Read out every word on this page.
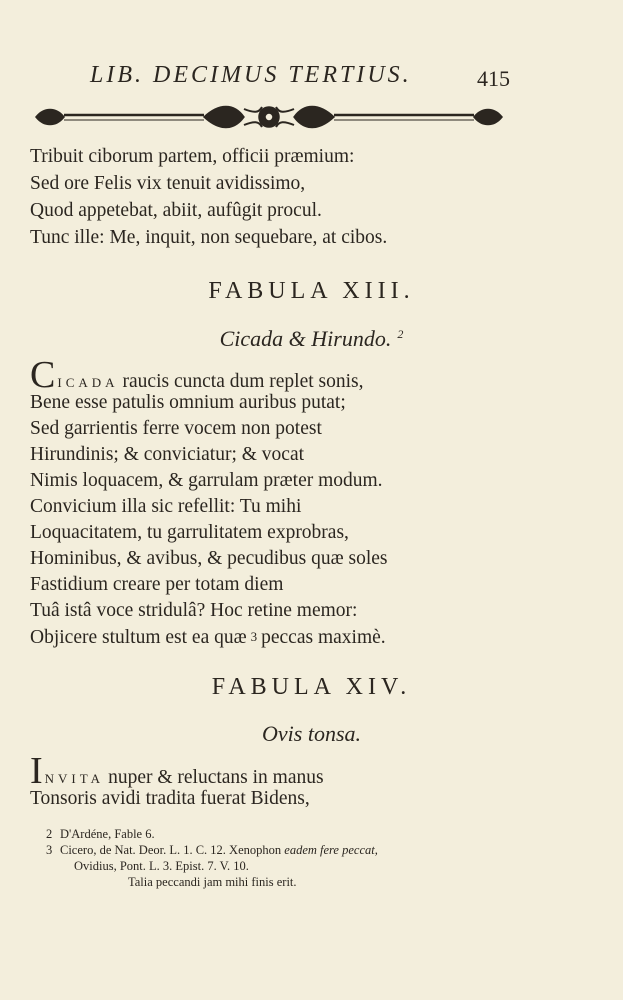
LIB. DECIMUS TERTIUS.	415
Tribuit ciborum partem, officii præmium:
Sed ore Felis vix tenuit avidissimo,
Quod appetebat, abiit, aufûgit procul.
Tunc ille: Me, inquit, non sequebare, at cibos.
FABULA XIII.
Cicada & Hirundo. $^2$
CICADA raucis cuncta dum replet sonis,
Bene esse patulis omnium auribus putat;
Sed garrientis ferre vocem non potest
Hirundinis; & conviciatur; & vocat
Nimis loquacem, & garrulam præter modum.
Convicium illa sic refellit: Tu mihi
Loquacitatem, tu garrulitatem exprobras,
Hominibus, & avibus, & pecudibus quæ soles
Fastidium creare per totam diem
Tuâ istâ voce stridulâ? Hoc retine memor:
Objicere stultum est ea quæ 3 peccas maximè.
FABULA XIV.
Ovis tonsa.
INVITA nuper & reluctans in manus
Tonsoris avidi tradita fuerat Bidens,
2 D'Ardéne, Fable 6.
3 Cicero, de Nat. Deor. L. 1. C. 12. Xenophon eadem fere peccat,
Ovidius, Pont. L. 3. Epist. 7. V. 10.
Talia peccandi jam mihi finis erit.
